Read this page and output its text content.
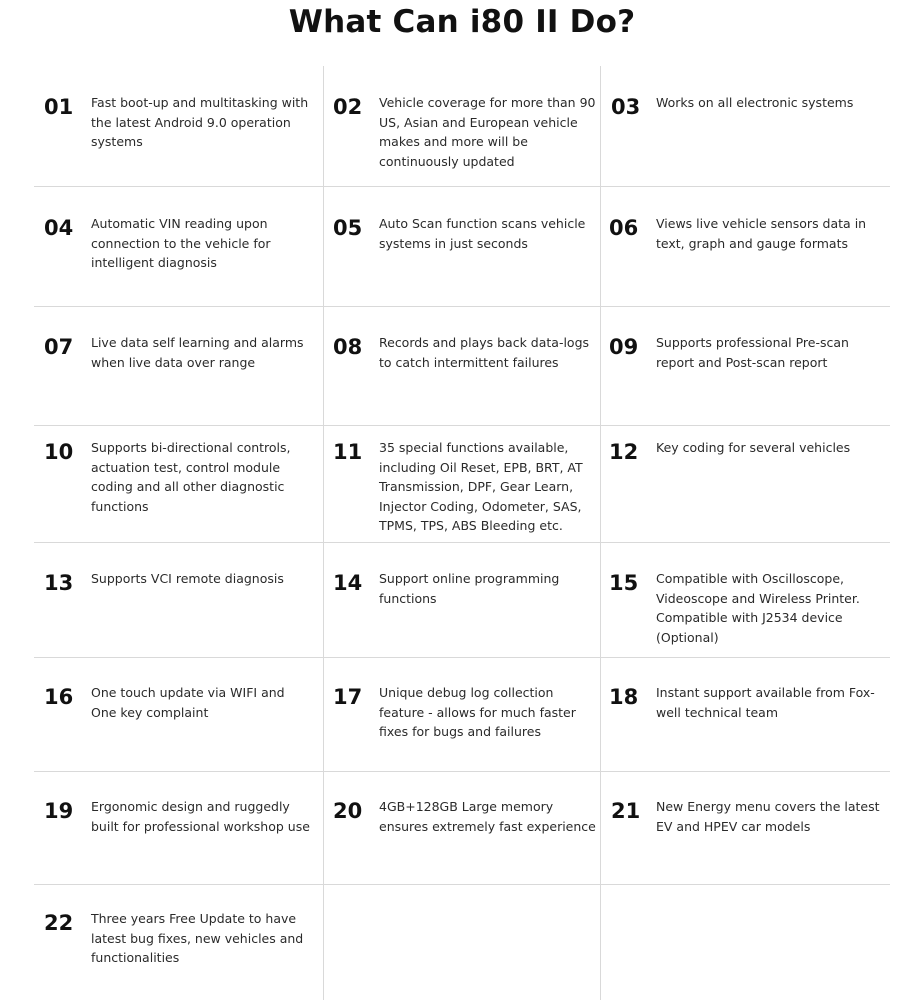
What Can i80 II Do?
01 Fast boot-up and multitasking with the latest Android 9.0 operation systems
02 Vehicle coverage for more than 90 US, Asian and European vehicle makes and more will be continuously updated
03 Works on all electronic systems
04 Automatic VIN reading upon connection to the vehicle for intelligent diagnosis
05 Auto Scan function scans vehicle systems in just seconds
06 Views live vehicle sensors data in text, graph and gauge formats
07 Live data self learning and alarms when live data over range
08 Records and plays back data-logs to catch intermittent failures
09 Supports professional Pre-scan report and Post-scan report
10 Supports bi-directional controls, actuation test, control module coding and all other diagnostic functions
11 35 special functions available, including Oil Reset, EPB, BRT, AT Transmission, DPF, Gear Learn, Injector Coding, Odometer, SAS, TPMS, TPS, ABS Bleeding etc.
12 Key coding for several vehicles
13 Supports VCI remote diagnosis	14 Support online programming functions
15 Compatible with Oscilloscope, Videoscope and Wireless Printer. Compatible with J2534 device (Optional)
16 One touch update via WIFI and One key complaint
17 Unique debug log collection feature - allows for much faster fixes for bugs and failures
18 Instant support available from Fox-well technical team
19 Ergonomic design and ruggedly built for professional workshop use
20 4GB+128GB Large memory ensures extremely fast experience
21 New Energy menu covers the latest EV and HPEV car models
22 Three years Free Update to have latest bug fixes, new vehicles and functionalities
